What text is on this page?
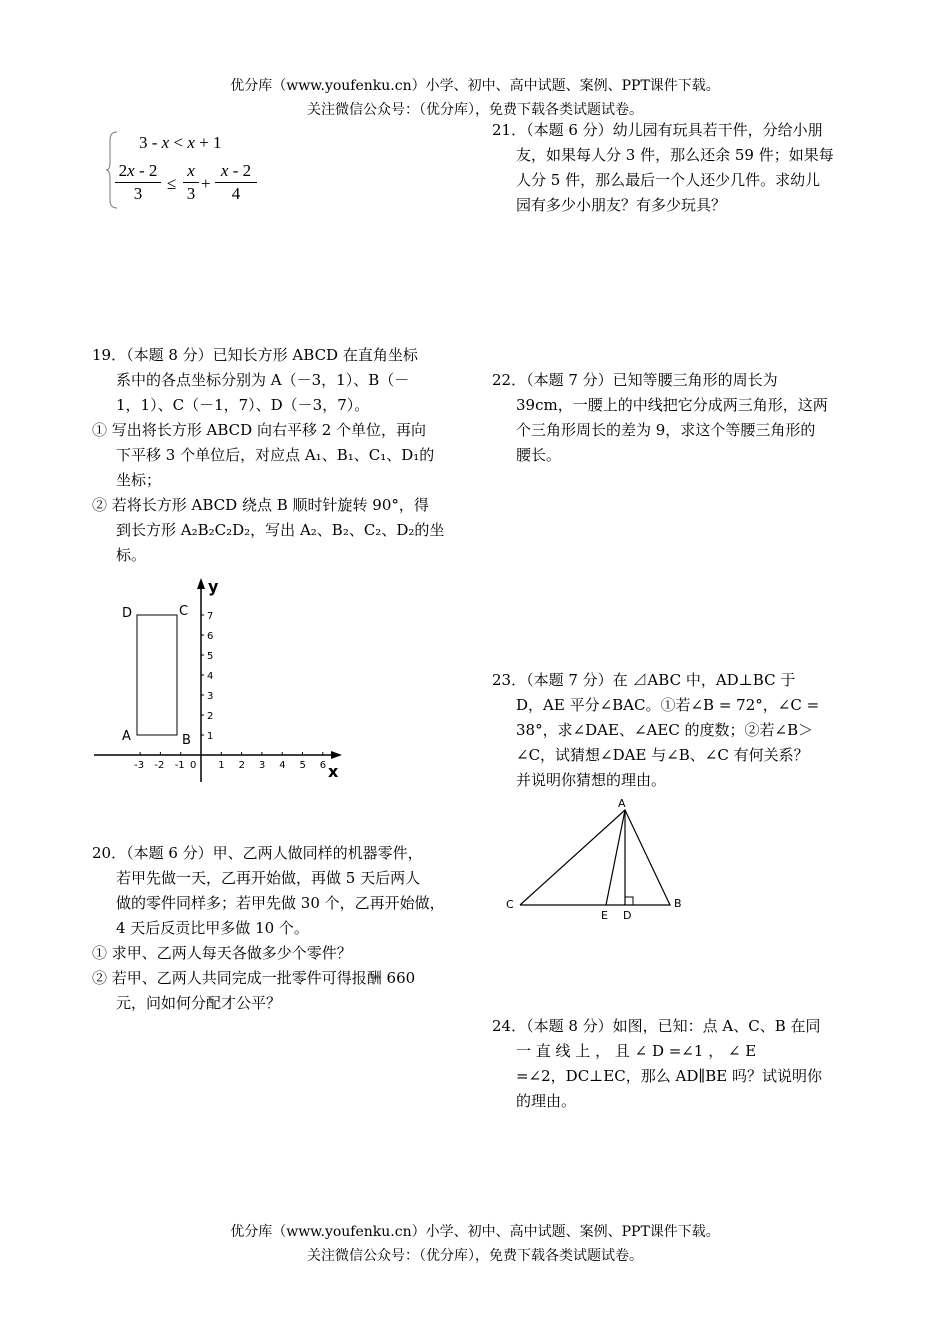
优分库（www.youfenku.cn）小学、初中、高中试题、案例、PPT课件下载。
关注微信公众号：（优分库），免费下载各类试题试卷。
3 - x < x + 1
2x - 2
3
≤ $\frac{x}{3}$ +
x - 2
4

21．（本题 6 分）幼儿园有玩具若干件，分给小朋

友，如果每人分 3 件，那么还余 59 件；如果每

人分 5 件，那么最后一个人还少几件。求幼儿

园有多少小朋友？有多少玩具？

19．（本题 8 分）已知长方形 ABCD 在直角坐标

系中的各点坐标分别为 A（－3，1）、B（－

1，1）、C（－1，7）、D（－3，7）。

① 写出将长方形 ABCD 向右平移 2 个单位，再向

下平移 3 个单位后，对应点 A₁、B₁、C₁、D₁的

坐标；

② 若将长方形 ABCD 绕点 B 顺时针旋转 90°，得

到长方形 A₂B₂C₂D₂，写出 A₂、B₂、C₂、D₂的坐

标。

22．（本题 7 分）已知等腰三角形的周长为

39cm，一腰上的中线把它分成两三角形，这两

个三角形周长的差为 9，求这个等腰三角形的

腰长。

-3 -2 -1	1 2 3 4 5 6
1
2
3
4
5
6
7
A	B
C
D
y
x
0

23．（本题 7 分）在 ⊿ABC 中，AD⊥BC 于

D，AE 平分∠BAC。①若∠B = 72°，∠C =

38°，求∠DAE、∠AEC 的度数；②若∠B＞

∠C，试猜想∠DAE 与∠B、∠C 有何关系？

并说明你猜想的理由。

A
B
C
D
E

20．（本题 6 分）甲、乙两人做同样的机器零件，

若甲先做一天，乙再开始做，再做 5 天后两人

做的零件同样多；若甲先做 30 个，乙再开始做，

4 天后反贡比甲多做 10 个。

① 求甲、乙两人每天各做多少个零件？

② 若甲、乙两人共同完成一批零件可得报酬 660

元，问如何分配才公平？

24．（本题 8 分）如图，已知：点 A、C、B 在同

一 直 线 上 ， 且 ∠ D =∠1 ， ∠ E

=∠2，DC⊥EC，那么 AD∥BE 吗？试说明你

的理由。

优分库（www.youfenku.cn）小学、初中、高中试题、案例、PPT课件下载。
关注微信公众号：（优分库），免费下载各类试题试卷。
